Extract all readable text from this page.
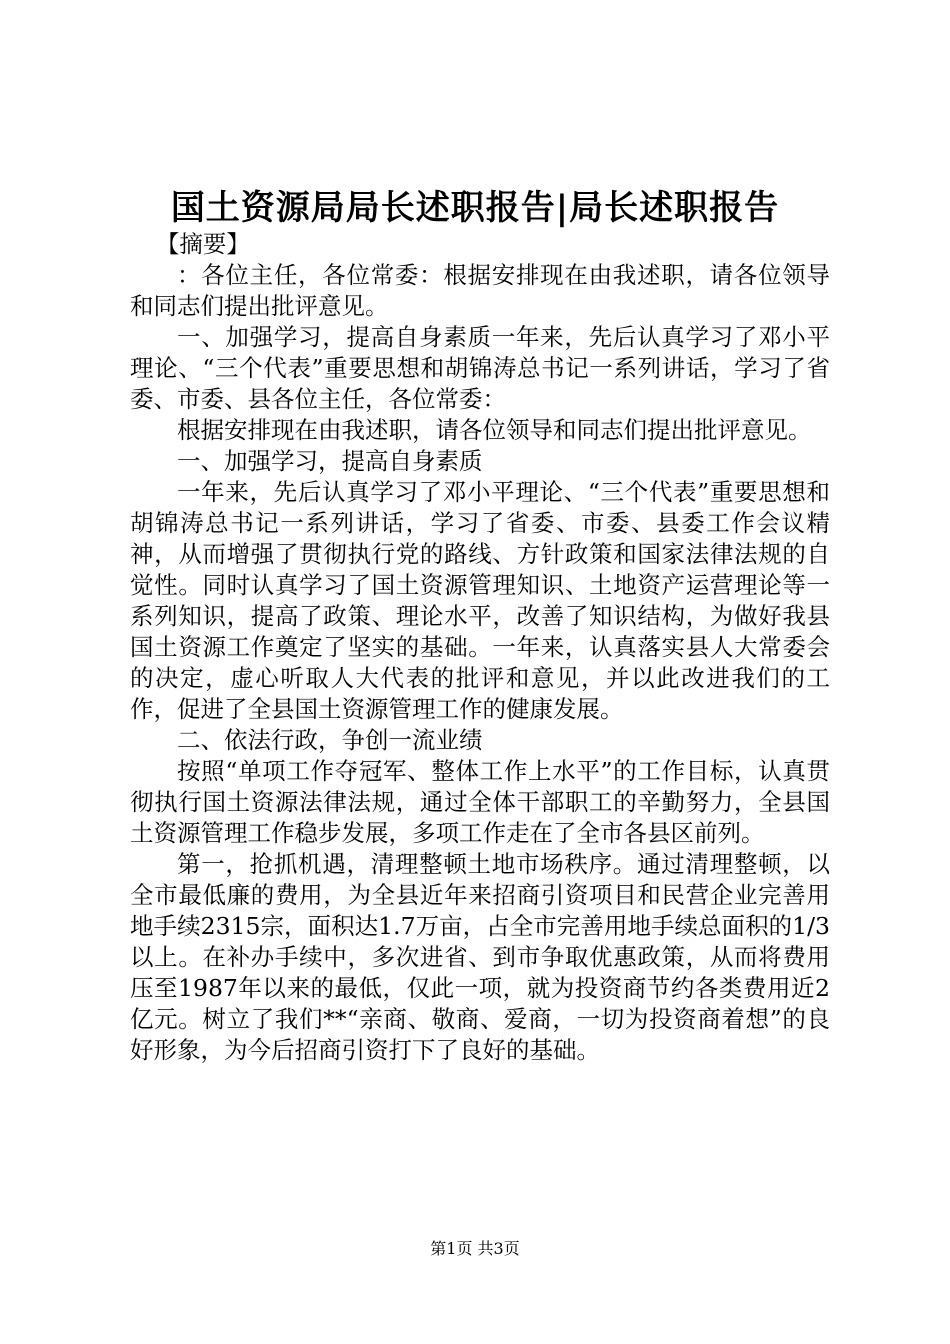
国土资源局局长述职报告|局长述职报告

【摘要】

：各位主任，各位常委：根据安排现在由我述职，请各位领导和同志们提出批评意见。

一、加强学习，提高自身素质一年来，先后认真学习了邓小平理论、“三个代表”重要思想和胡锦涛总书记一系列讲话，学习了省委、市委、县各位主任，各位常委：

根据安排现在由我述职，请各位领导和同志们提出批评意见。

一、加强学习，提高自身素质

一年来，先后认真学习了邓小平理论、“三个代表”重要思想和胡锦涛总书记一系列讲话，学习了省委、市委、县委工作会议精神，从而增强了贯彻执行党的路线、方针政策和国家法律法规的自觉性。同时认真学习了国土资源管理知识、土地资产运营理论等一系列知识，提高了政策、理论水平，改善了知识结构，为做好我县国土资源工作奠定了坚实的基础。一年来，认真落实县人大常委会的决定，虚心听取人大代表的批评和意见，并以此改进我们的工作，促进了全县国土资源管理工作的健康发展。

二、依法行政，争创一流业绩

按照“单项工作夺冠军、整体工作上水平”的工作目标，认真贯彻执行国土资源法律法规，通过全体干部职工的辛勤努力，全县国土资源管理工作稳步发展，多项工作走在了全市各县区前列。

第一，抢抓机遇，清理整顿土地市场秩序。通过清理整顿，以全市最低廉的费用，为全县近年来招商引资项目和民营企业完善用地手续2315宗，面积达1.7万亩，占全市完善用地手续总面积的1/3以上。在补办手续中，多次进省、到市争取优惠政策，从而将费用压至1987年以来的最低，仅此一项，就为投资商节约各类费用近2亿元。树立了我们**“亲商、敬商、爱商，一切为投资商着想”的良好形象，为今后招商引资打下了良好的基础。

第1页 共3页
